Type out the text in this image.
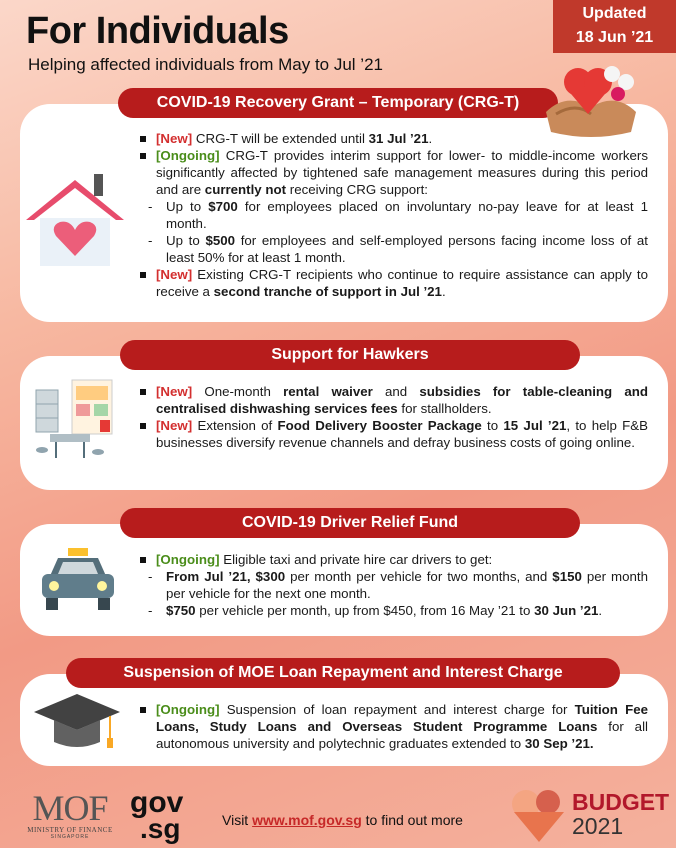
For Individuals
Helping affected individuals from May to Jul ’21
Updated
18 Jun ’21
COVID-19 Recovery Grant – Temporary (CRG-T)
[New] CRG-T will be extended until 31 Jul ’21.
[Ongoing] CRG-T provides interim support for lower- to middle-income workers significantly affected by tightened safe management measures during this period and are currently not receiving CRG support:
- Up to $700 for employees placed on involuntary no-pay leave for at least 1 month.
- Up to $500 for employees and self-employed persons facing income loss of at least 50% for at least 1 month.
[New] Existing CRG-T recipients who continue to require assistance can apply to receive a second tranche of support in Jul ’21.
Support for Hawkers
[New] One-month rental waiver and subsidies for table-cleaning and centralised dishwashing services fees for stallholders.
[New] Extension of Food Delivery Booster Package to 15 Jul ’21, to help F&B businesses diversify revenue channels and defray business costs of going online.
COVID-19 Driver Relief Fund
[Ongoing] Eligible taxi and private hire car drivers to get:
- From Jul ’21, $300 per month per vehicle for two months, and $150 per month per vehicle for the next one month.
- $750 per vehicle per month, up from $450, from 16 May ’21 to 30 Jun ’21.
Suspension of MOE Loan Repayment and Interest Charge
[Ongoing] Suspension of loan repayment and interest charge for Tuition Fee Loans, Study Loans and Overseas Student Programme Loans for all autonomous university and polytechnic graduates extended to 30 Sep ’21.
MOF
MINISTRY OF FINANCE
SINGAPORE
gov
.sg	Visit www.mof.gov.sg to find out more
BUDGET
2021
